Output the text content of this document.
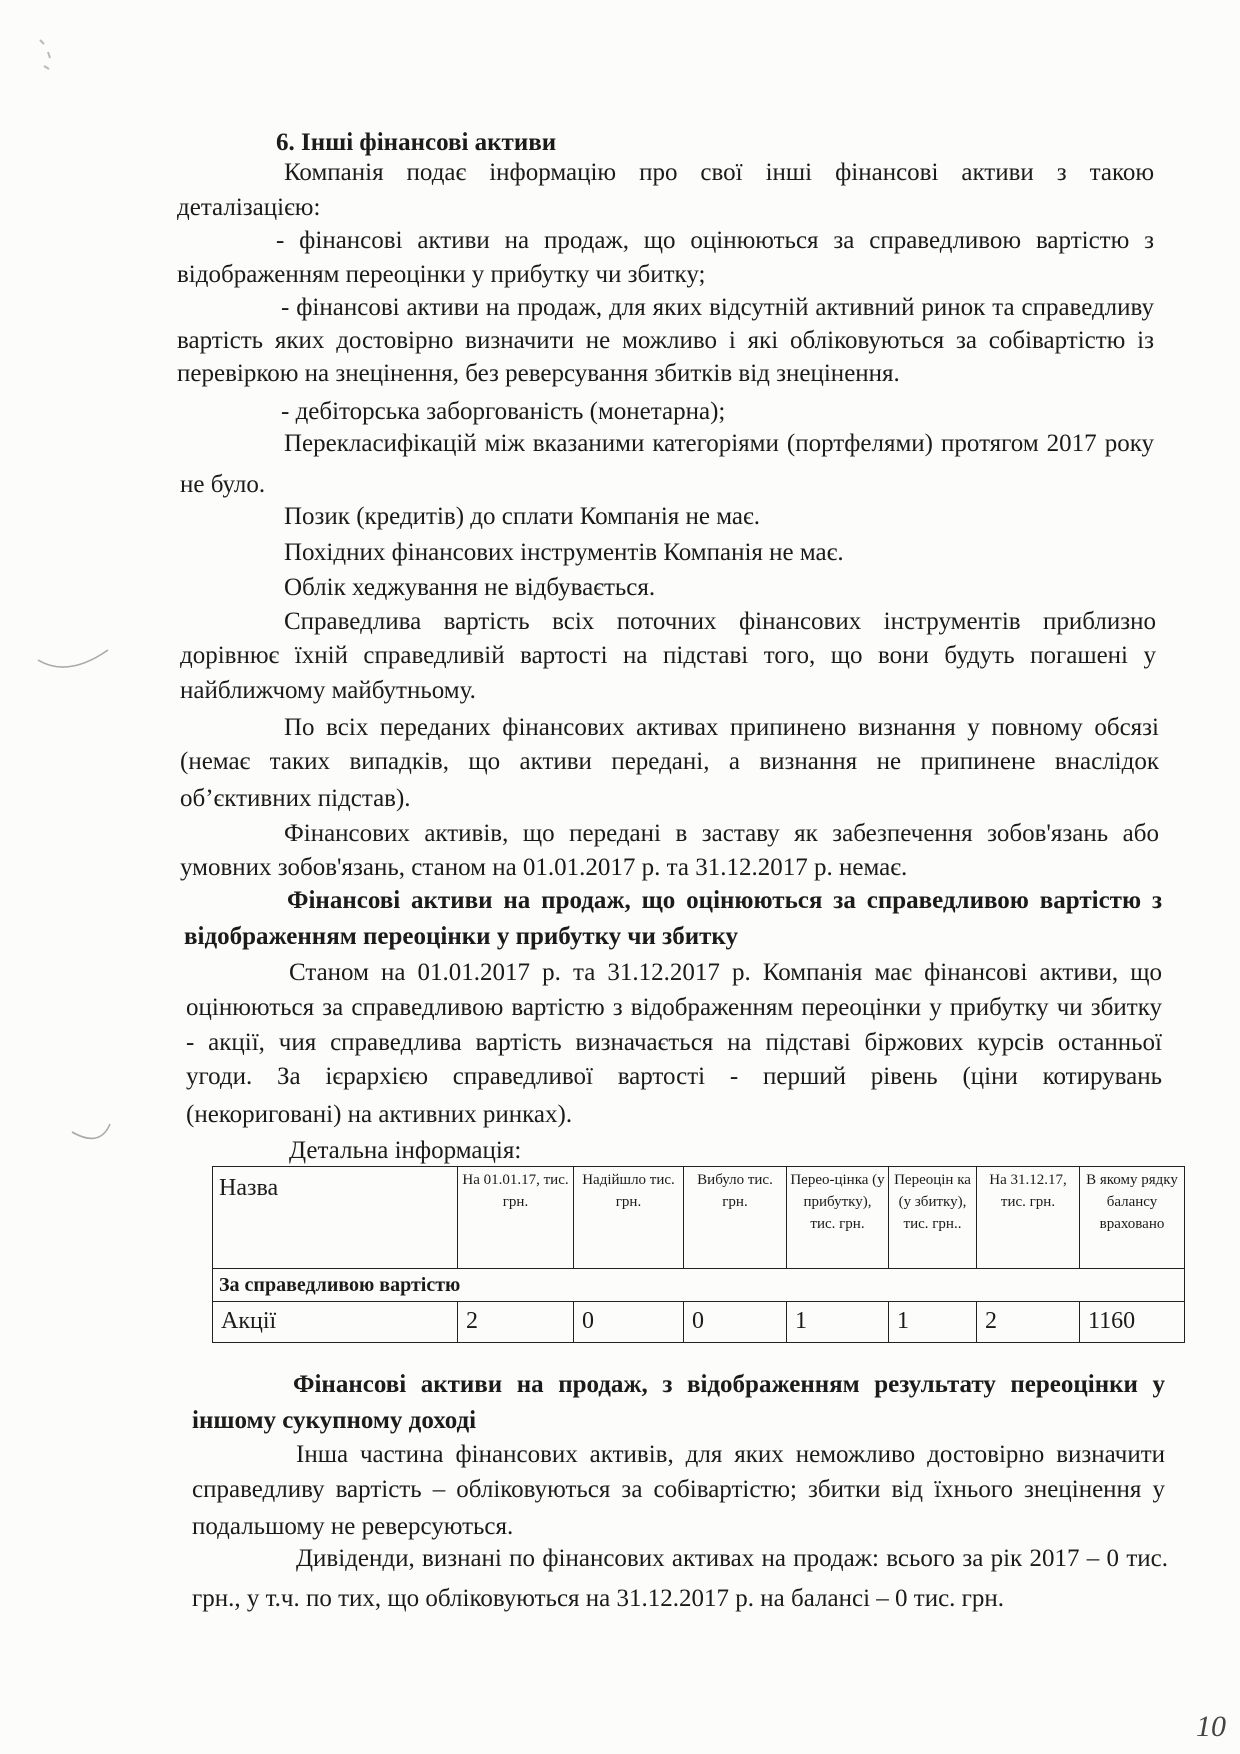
6. Інші фінансові активи
Компанія подає інформацію про свої інші фінансові активи з такою
деталізацією:
- фінансові активи на продаж, що оцінюються за справедливою вартістю з
відображенням переоцінки у прибутку чи збитку;
- фінансові активи на продаж, для яких відсутній активний ринок та справедливу
вартість яких достовірно визначити не можливо і які обліковуються за собівартістю із
перевіркою на знецінення, без реверсування збитків від знецінення.
- дебіторська заборгованість (монетарна);
Перекласифікацій між вказаними категоріями (портфелями) протягом 2017 року
не було.
Позик (кредитів) до сплати Компанія не має.
Похідних фінансових інструментів Компанія не має.
Облік хеджування не відбувається.
Справедлива вартість всіх поточних фінансових інструментів приблизно
дорівнює їхній справедливій вартості на підставі того, що вони будуть погашені у
найближчому майбутньому.
По всіх переданих фінансових активах припинено визнання у повному обсязі
(немає таких випадків, що активи передані, а визнання не припинене внаслідок
об’єктивних підстав).
Фінансових активів, що передані в заставу як забезпечення зобов'язань або
умовних зобов'язань, станом на 01.01.2017 р. та 31.12.2017 р. немає.
Фінансові активи на продаж, що оцінюються за справедливою вартістю з
відображенням переоцінки у прибутку чи збитку
Станом на 01.01.2017 р. та 31.12.2017 р. Компанія має фінансові активи, що
оцінюються за справедливою вартістю з відображенням переоцінки у прибутку чи збитку
- акції, чия справедлива вартість визначається на підставі біржових курсів останньої
угоди. За ієрархією справедливої вартості - перший рівень (ціни котирувань
(некориговані) на активних ринках).
Детальна інформація:
Назва	На 01.01.17, тис. грн.	Надійшло тис. грн.	Вибуло тис. грн.	Перео-цінка (у прибутку), тис. грн.	Переоцін ка (у збитку), тис. грн..	На 31.12.17, тис. грн.	В якому рядку балансу враховано
За справедливою вартістю							
Акції	2	0	0	1	1	2	1160
Фінансові активи на продаж, з відображенням результату переоцінки у
іншому сукупному доході
Інша частина фінансових активів, для яких неможливо достовірно визначити
справедливу вартість – обліковуються за собівартістю; збитки від їхнього знецінення у
подальшому не реверсуються.
Дивіденди, визнані по фінансових активах на продаж: всього за рік 2017 – 0 тис.
грн., у т.ч. по тих, що обліковуються на 31.12.2017 р. на балансі – 0 тис. грн.
10
